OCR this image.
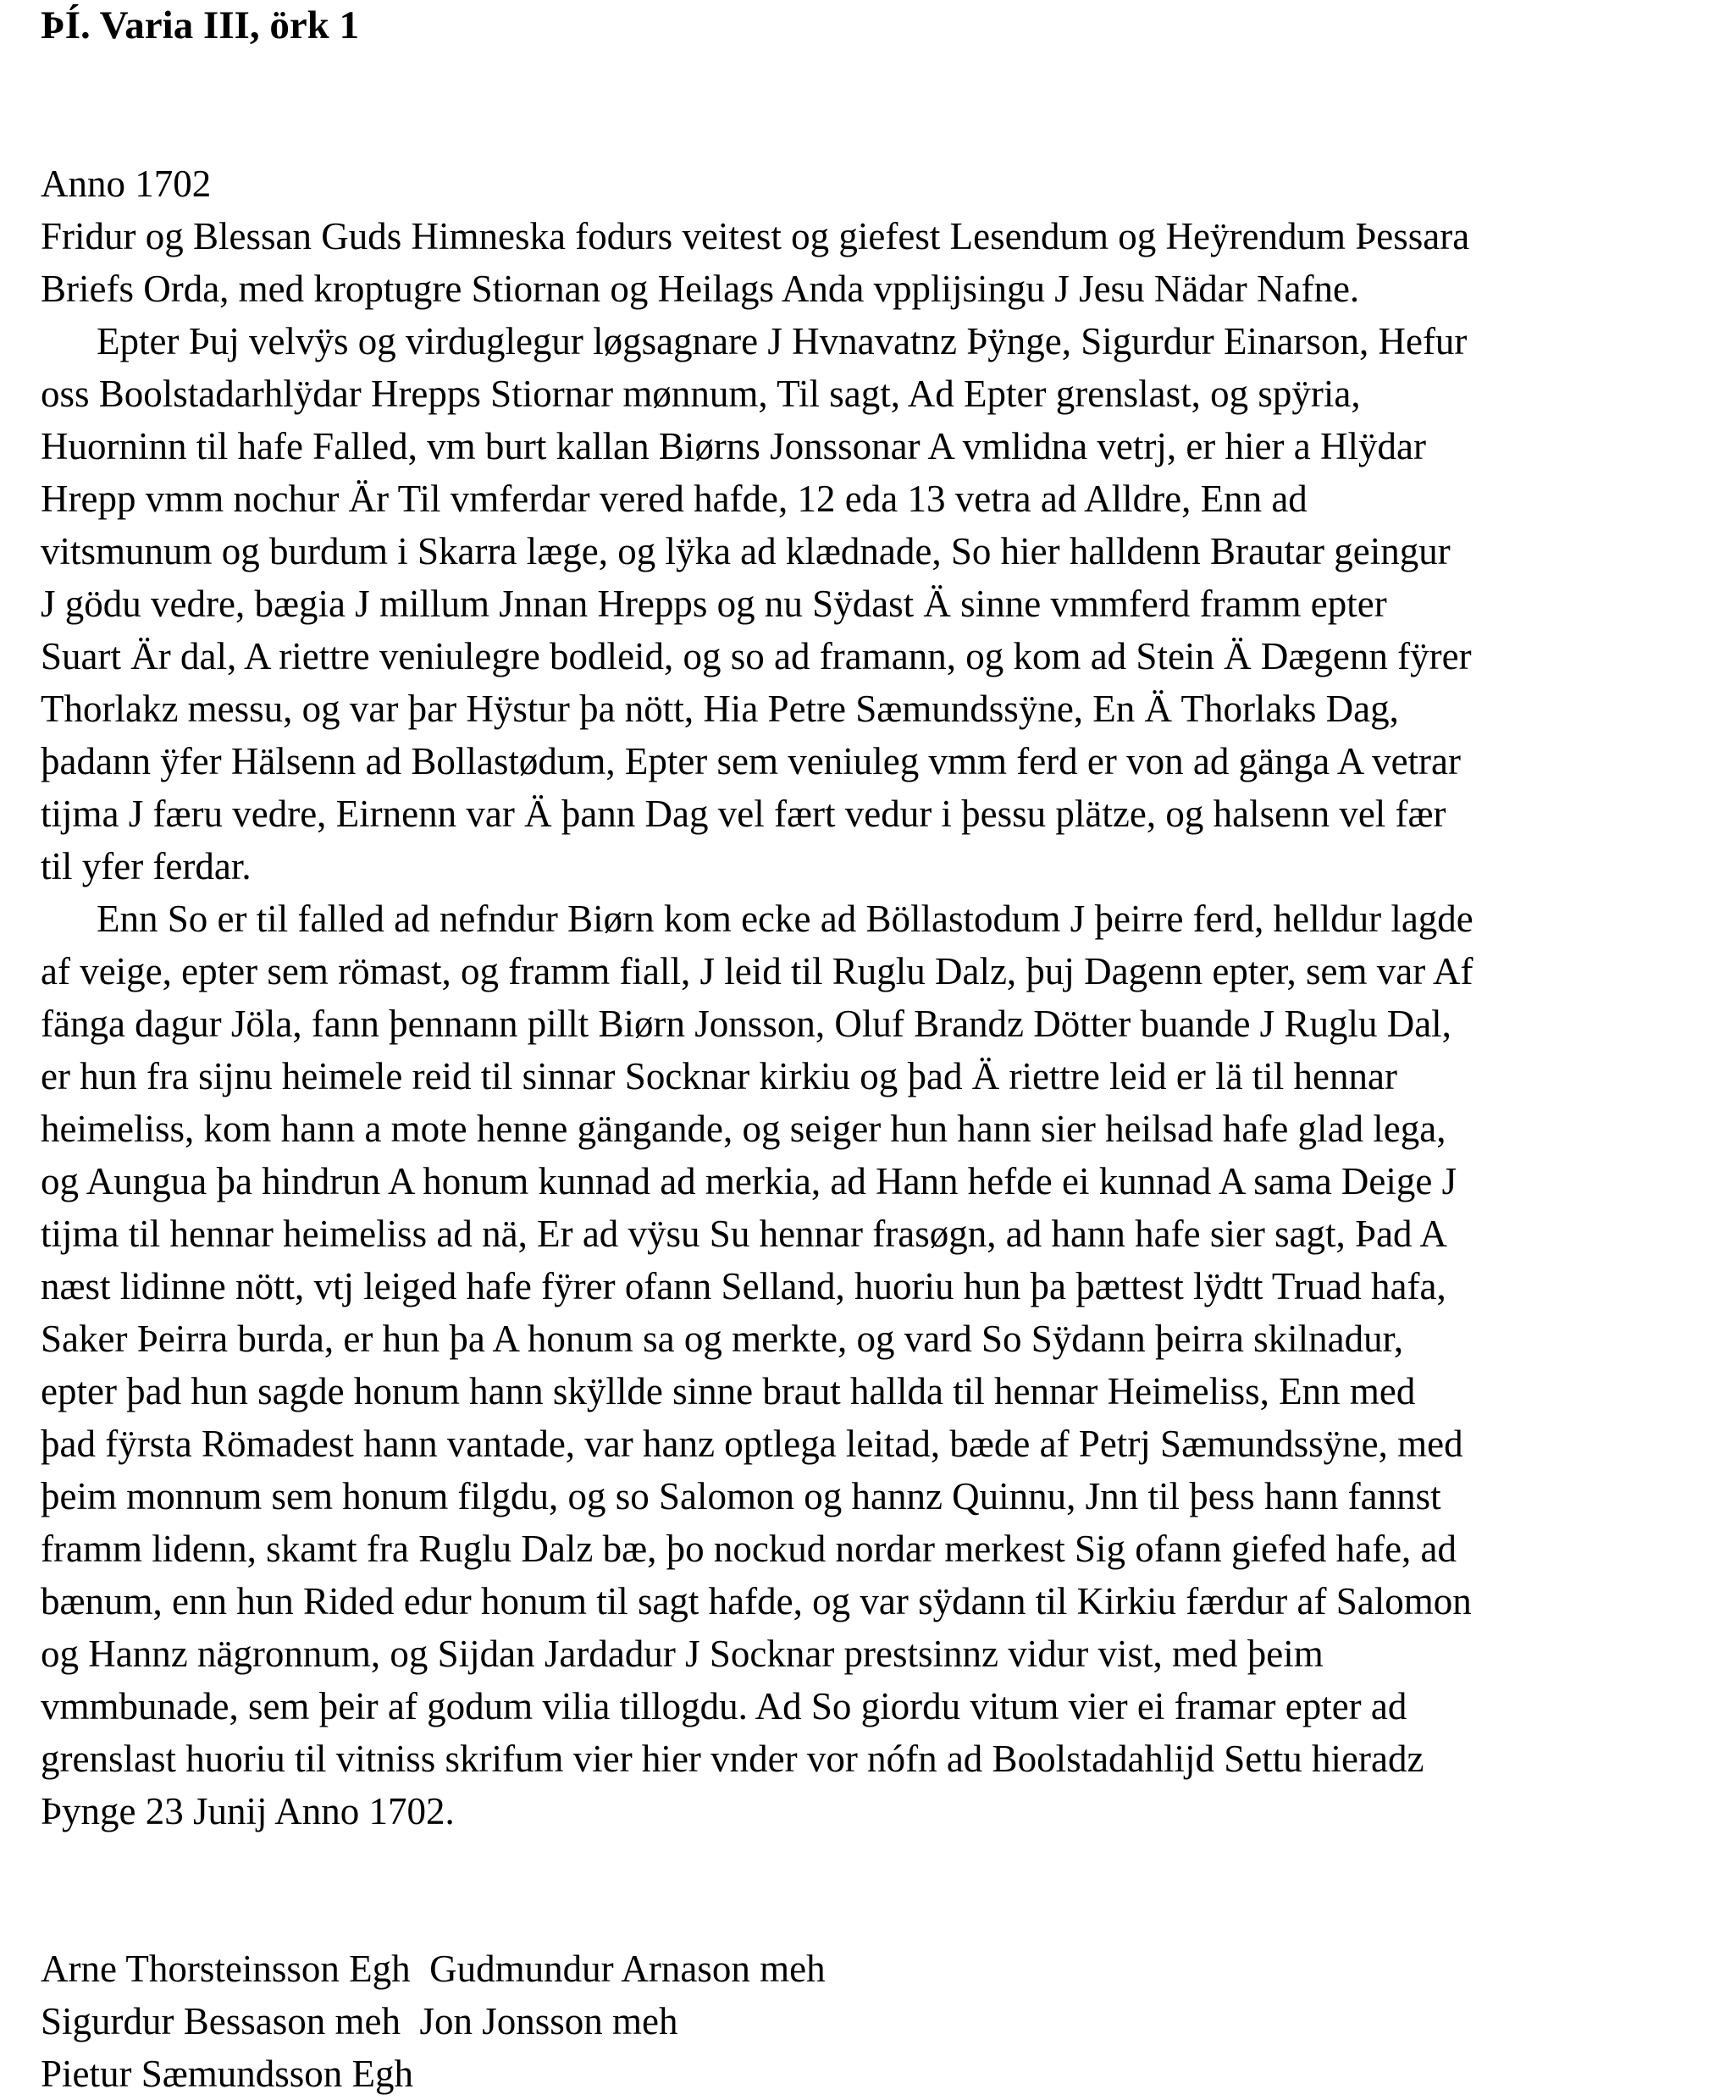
ÞÍ. Varia III, örk 1
Anno 1702
Fridur og Blessan Guds Himneska fodurs veitest og giefest Lesendum og Heÿrendum Þessara
Briefs Orda, med kroptugre Stiornan og Heilags Anda vpplijsingu J Jesu Nädar Nafne.
Epter Þuj velvÿs og virduglegur løgsagnare J Hvnavatnz Þÿnge, Sigurdur Einarson, Hefur
oss Boolstadarhlÿdar Hrepps Stiornar mønnum, Til sagt, Ad Epter grenslast, og spÿria,
Huorninn til hafe Falled, vm burt kallan Biørns Jonssonar A vmlidna vetrj, er hier a Hlÿdar
Hrepp vmm nochur Är Til vmferdar vered hafde, 12 eda 13 vetra ad Alldre, Enn ad
vitsmunum og burdum i Skarra læge, og lÿka ad klædnade, So hier halldenn Brautar geingur
J gödu vedre, bægia J millum Jnnan Hrepps og nu Sÿdast Ä sinne vmmferd framm epter
Suart Är dal, A riettre veniulegre bodleid, og so ad framann, og kom ad Stein Ä Dægenn fÿrer
Thorlakz messu, og var þar Hÿstur þa nött, Hia Petre Sæmundssÿne, En Ä Thorlaks Dag,
þadann ÿfer Hälsenn ad Bollastødum, Epter sem veniuleg vmm ferd er von ad gänga A vetrar
tijma J færu vedre, Eirnenn var Ä þann Dag vel fært vedur i þessu plätze, og halsenn vel fær
til yfer ferdar.
Enn So er til falled ad nefndur Biørn kom ecke ad Böllastodum J þeirre ferd, helldur lagde
af veige, epter sem römast, og framm fiall, J leid til Ruglu Dalz, þuj Dagenn epter, sem var Af
fänga dagur Jöla, fann þennann pillt Biørn Jonsson, Oluf Brandz Dötter buande J Ruglu Dal,
er hun fra sijnu heimele reid til sinnar Socknar kirkiu og þad Ä riettre leid er lä til hennar
heimeliss, kom hann a mote henne gängande, og seiger hun hann sier heilsad hafe glad lega,
og Aungua þa hindrun A honum kunnad ad merkia, ad Hann hefde ei kunnad A sama Deige J
tijma til hennar heimeliss ad nä, Er ad vÿsu Su hennar frasøgn, ad hann hafe sier sagt, Þad A
næst lidinne nött, vtj leiged hafe fÿrer ofann Selland, huoriu hun þa þættest lÿdtt Truad hafa,
Saker Þeirra burda, er hun þa A honum sa og merkte, og vard So Sÿdann þeirra skilnadur,
epter þad hun sagde honum hann skÿllde sinne braut hallda til hennar Heimeliss, Enn med
þad fÿrsta Römadest hann vantade, var hanz optlega leitad, bæde af Petrj Sæmundssÿne, med
þeim monnum sem honum filgdu, og so Salomon og hannz Quinnu, Jnn til þess hann fannst
framm lidenn, skamt fra Ruglu Dalz bæ, þo nockud nordar merkest Sig ofann giefed hafe, ad
bænum, enn hun Rided edur honum til sagt hafde, og var sÿdann til Kirkiu færdur af Salomon
og Hannz nägronnum, og Sijdan Jardadur J Socknar prestsinnz vidur vist, med þeim
vmmbunade, sem þeir af godum vilia tillogdu. Ad So giordu vitum vier ei framar epter ad
grenslast huoriu til vitniss skrifum vier hier vnder vor nófn ad Boolstadahlijd Settu hieradz
Þynge 23 Junij Anno 1702.
Arne Thorsteinsson Egh  Gudmundur Arnason meh
Sigurdur Bessason meh  Jon Jonsson meh
Pietur Sæmundsson Egh
